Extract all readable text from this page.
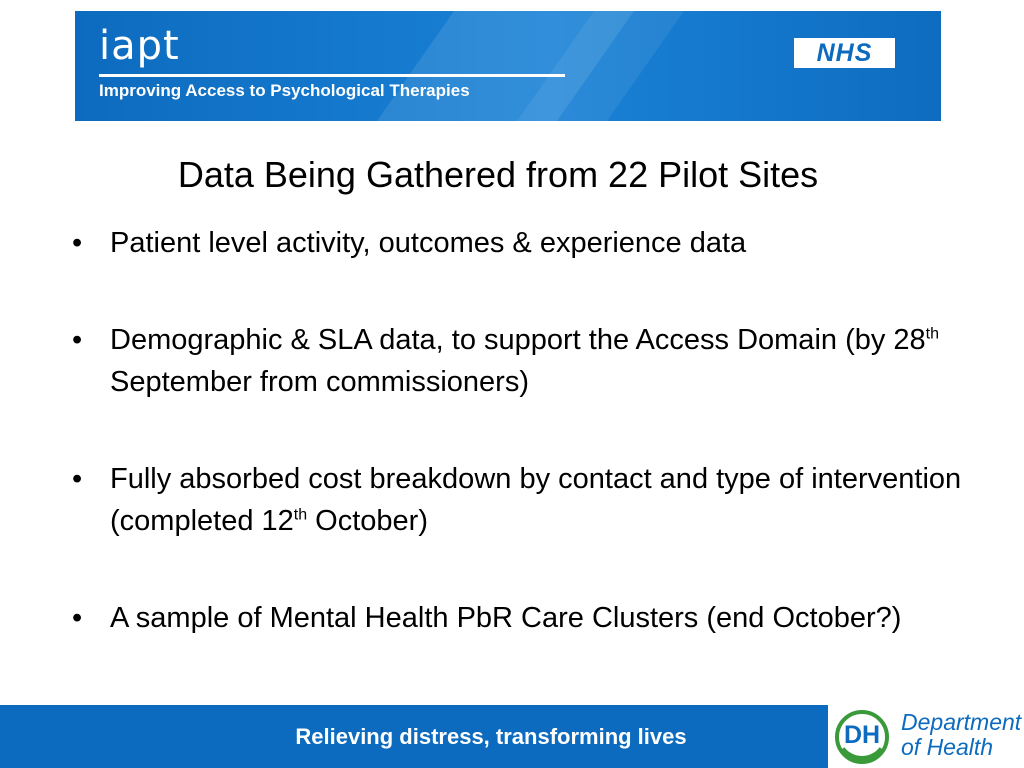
iapt
Improving Access to Psychological Therapies
NHS
Data Being Gathered from 22 Pilot Sites
• Patient level activity, outcomes & experience data
• Demographic & SLA data, to support the Access Domain (by 28th September from commissioners)
• Fully absorbed cost breakdown by contact and type of intervention (completed 12th October)
• A sample of Mental Health PbR Care Clusters (end October?)
Relieving distress, transforming lives	DH Department
of Health
